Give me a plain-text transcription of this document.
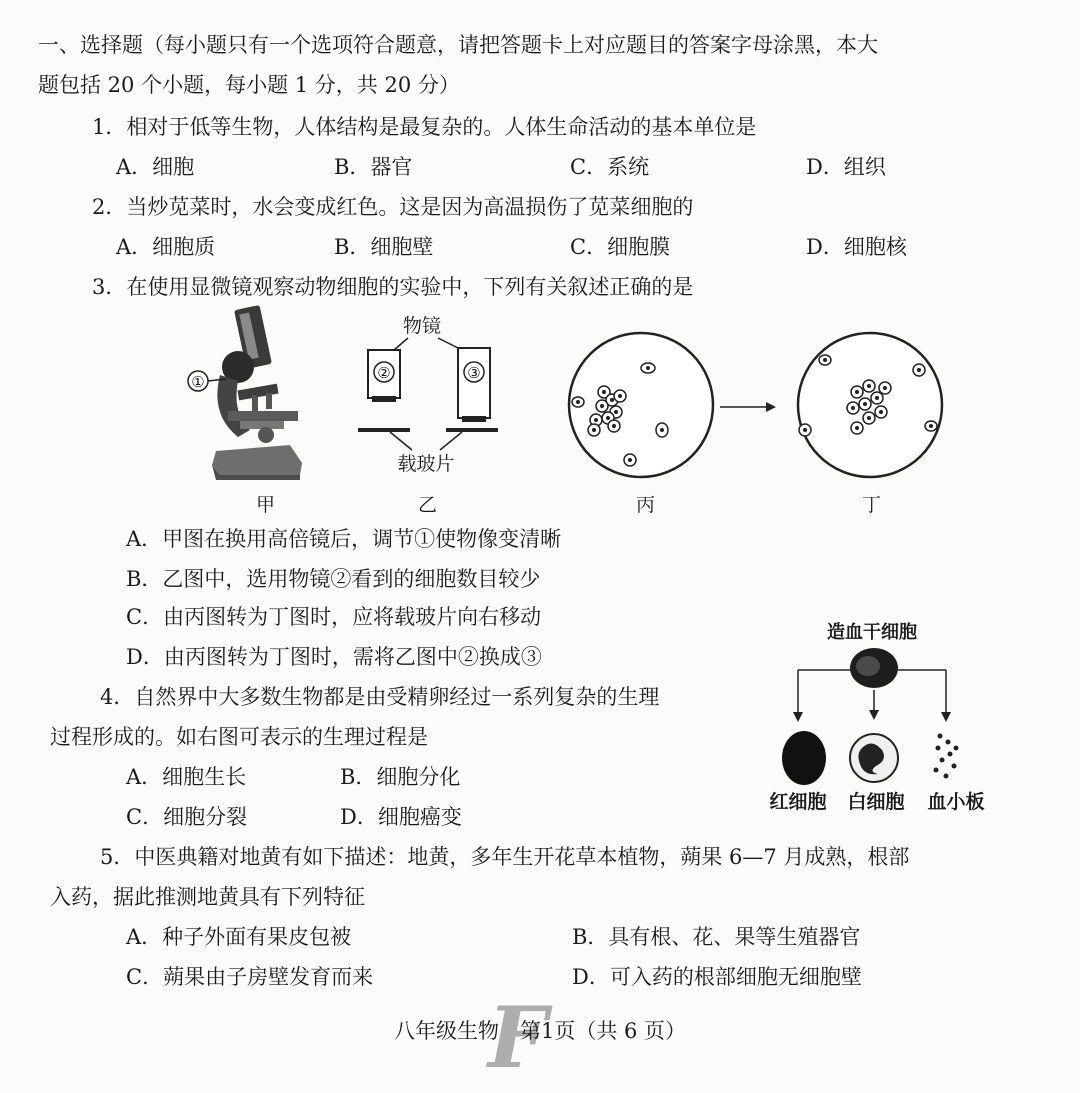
一、选择题（每小题只有一个选项符合题意，请把答题卡上对应题目的答案字母涂黑，本大
题包括 20 个小题，每小题 1 分，共 20 分）
1．相对于低等生物，人体结构是最复杂的。人体生命活动的基本单位是
A．细胞	B．器官	C．系统	D．组织
2．当炒苋菜时，水会变成红色。这是因为高温损伤了苋菜细胞的
A．细胞质	B．细胞壁	C．细胞膜	D．细胞核
3．在使用显微镜观察动物细胞的实验中，下列有关叙述正确的是
①
物镜
②	③
载玻片
甲	乙	丙	丁
A．甲图在换用高倍镜后，调节①使物像变清晰
B．乙图中，选用物镜②看到的细胞数目较少
C．由丙图转为丁图时，应将载玻片向右移动
D．由丙图转为丁图时，需将乙图中②换成③
4．自然界中大多数生物都是由受精卵经过一系列复杂的生理
过程形成的。如右图可表示的生理过程是
A．细胞生长	B．细胞分化
C．细胞分裂	D．细胞癌变
造血干细胞
红细胞 白细胞 血小板
5．中医典籍对地黄有如下描述：地黄，多年生开花草本植物，蒴果 6—7 月成熟，根部
入药，据此推测地黄具有下列特征
A．种子外面有果皮包被	B．具有根、花、果等生殖器官
C．蒴果由子房壁发育而来	D．可入药的根部细胞无细胞壁
F
八年级生物　第1页（共 6 页）
